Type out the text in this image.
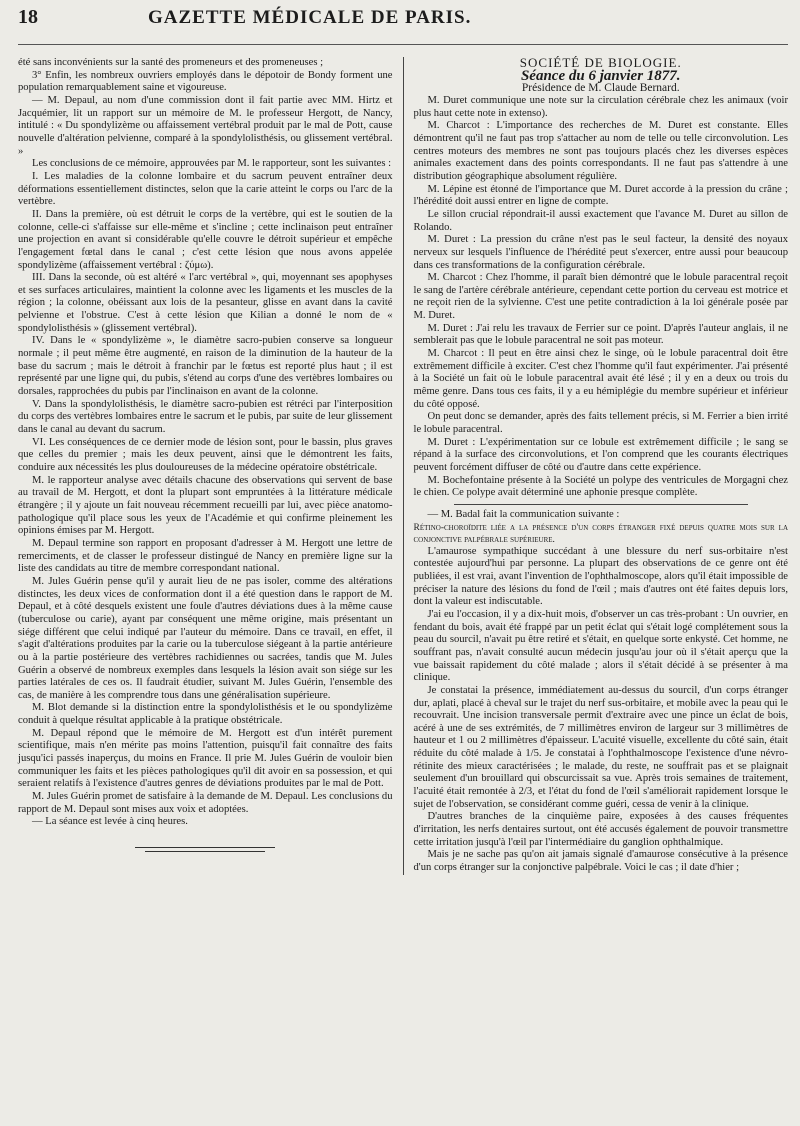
18	GAZETTE MÉDICALE DE PARIS.

été sans inconvénients sur la santé des promeneurs et des promeneuses ;

3° Enfin, les nombreux ouvriers employés dans le dépotoir de Bondy forment une population remarquablement saine et vigoureuse.

— M. Depaul, au nom d'une commission dont il fait partie avec MM. Hirtz et Jacquémier, lit un rapport sur un mémoire de M. le professeur Hergott, de Nancy, intitulé : « Du spondylizème ou affaissement vertébral produit par le mal de Pott, cause nouvelle d'altération pelvienne, comparé à la spondylolisthésis, ou glissement vertébral. »

Les conclusions de ce mémoire, approuvées par M. le rapporteur, sont les suivantes :

I. Les maladies de la colonne lombaire et du sacrum peuvent entraîner deux déformations essentiellement distinctes, selon que la carie atteint le corps ou l'arc de la vertèbre.

II. Dans la première, où est détruit le corps de la vertèbre, qui est le soutien de la colonne, celle-ci s'affaisse sur elle-même et s'incline ; cette inclinaison peut entraîner une projection en avant si considérable qu'elle couvre le détroit supérieur et empêche l'engagement fœtal dans le canal ; c'est cette lésion que nous avons appelée spondylizème (affaissement vertébral : ζύμω).

III. Dans la seconde, où est altéré « l'arc vertébral », qui, moyennant ses apophyses et ses surfaces articulaires, maintient la colonne avec les ligaments et les muscles de la région ; la colonne, obéissant aux lois de la pesanteur, glisse en avant dans la cavité pelvienne et l'obstrue. C'est à cette lésion que Kilian a donné le nom de « spondylolisthésis » (glissement vertébral).

IV. Dans le « spondylizème », le diamètre sacro-pubien conserve sa longueur normale ; il peut même être augmenté, en raison de la diminution de la hauteur de la base du sacrum ; mais le détroit à franchir par le fœtus est reporté plus haut ; il est représenté par une ligne qui, du pubis, s'étend au corps d'une des vertèbres lombaires ou dorsales, rapprochées du pubis par l'inclinaison en avant de la colonne.

V. Dans la spondylolisthésis, le diamètre sacro-pubien est rétréci par l'interposition du corps des vertèbres lombaires entre le sacrum et le pubis, par suite de leur glissement dans le canal au devant du sacrum.

VI. Les conséquences de ce dernier mode de lésion sont, pour le bassin, plus graves que celles du premier ; mais les deux peuvent, ainsi que le démontrent les faits, conduire aux nécessités les plus douloureuses de la médecine opératoire obstétricale.

M. le rapporteur analyse avec détails chacune des observations qui servent de base au travail de M. Hergott, et dont la plupart sont empruntées à la littérature médicale étrangère ; il y ajoute un fait nouveau récemment recueilli par lui, avec pièce anatomo-pathologique qu'il place sous les yeux de l'Académie et qui confirme pleinement les opinions émises par M. Hergott.

M. Depaul termine son rapport en proposant d'adresser à M. Hergott une lettre de remerciments, et de classer le professeur distingué de Nancy en première ligne sur la liste des candidats au titre de membre correspondant national.

M. Jules Guérin pense qu'il y aurait lieu de ne pas isoler, comme des altérations distinctes, les deux vices de conformation dont il a été question dans le rapport de M. Depaul, et à côté desquels existent une foule d'autres déviations dues à la même cause (tuberculose ou carie), ayant par conséquent une même origine, mais présentant un siége différent que celui indiqué par l'auteur du mémoire. Dans ce travail, en effet, il s'agit d'altérations produites par la carie ou la tuberculose siégeant à la partie antérieure ou à la partie postérieure des vertèbres rachidiennes ou sacrées, tandis que M. Jules Guérin a observé de nombreux exemples dans lesquels la lésion avait son siége sur les parties latérales de ces os. Il faudrait étudier, suivant M. Jules Guérin, l'ensemble des cas, de manière à les comprendre tous dans une généralisation supérieure.

M. Blot demande si la distinction entre la spondylolisthésis et le ou spondylizème conduit à quelque résultat applicable à la pratique obstétricale.

M. Depaul répond que le mémoire de M. Hergott est d'un intérêt purement scientifique, mais n'en mérite pas moins l'attention, puisqu'il fait connaître des faits jusqu'ici passés inaperçus, du moins en France. Il prie M. Jules Guérin de vouloir bien communiquer les faits et les pièces pathologiques qu'il dit avoir en sa possession, et qui seraient relatifs à l'existence d'autres genres de déviations produites par le mal de Pott.

M. Jules Guérin promet de satisfaire à la demande de M. Depaul. Les conclusions du rapport de M. Depaul sont mises aux voix et adoptées.

— La séance est levée à cinq heures.

SOCIÉTÉ DE BIOLOGIE.

Séance du 6 janvier 1877.

Présidence de M. Claude Bernard.

M. Duret communique une note sur la circulation cérébrale chez les animaux (voir plus haut cette note in extenso).

M. Charcot : L'importance des recherches de M. Duret est constante. Elles démontrent qu'il ne faut pas trop s'attacher au nom de telle ou telle circonvolution. Les centres moteurs des membres ne sont pas toujours placés chez les diverses espèces animales exactement dans des points correspondants. Il ne faut pas s'attendre à une distribution géographique absolument régulière.

M. Lépine est étonné de l'importance que M. Duret accorde à la pression du crâne ; l'hérédité doit aussi entrer en ligne de compte.

Le sillon crucial répondrait-il aussi exactement que l'avance M. Duret au sillon de Rolando.

M. Duret : La pression du crâne n'est pas le seul facteur, la densité des noyaux nerveux sur lesquels l'influence de l'hérédité peut s'exercer, entre aussi pour beaucoup dans ces transformations de la configuration cérébrale.

M. Charcot : Chez l'homme, il paraît bien démontré que le lobule paracentral reçoit le sang de l'artère cérébrale antérieure, cependant cette portion du cerveau est motrice et ne reçoit rien de la sylvienne. C'est une petite contradiction à la loi générale posée par M. Duret.

M. Duret : J'ai relu les travaux de Ferrier sur ce point. D'après l'auteur anglais, il ne semblerait pas que le lobule paracentral ne soit pas moteur.

M. Charcot : Il peut en être ainsi chez le singe, où le lobule paracentral doit être extrêmement difficile à exciter. C'est chez l'homme qu'il faut expérimenter. J'ai présenté à la Société un fait où le lobule paracentral avait été lésé ; il y en a deux ou trois du même genre. Dans tous ces faits, il y a eu hémiplégie du membre supérieur et inférieur du côté opposé.

On peut donc se demander, après des faits tellement précis, si M. Ferrier a bien irrité le lobule paracentral.

M. Duret : L'expérimentation sur ce lobule est extrêmement difficile ; le sang se répand à la surface des circonvolutions, et l'on comprend que les courants électriques peuvent forcément diffuser de côté ou d'autre dans cette expérience.

M. Bochefontaine présente à la Société un polype des ventricules de Morgagni chez le chien. Ce polype avait déterminé une aphonie presque complète.

— M. Badal fait la communication suivante :

Rétino-choroïdite liée a la présence d'un corps étranger fixé depuis quatre mois sur la conjonctive palpébrale supérieure.

L'amaurose sympathique succédant à une blessure du nerf sus-orbitaire n'est contestée aujourd'hui par personne. La plupart des observations de ce genre ont été publiées, il est vrai, avant l'invention de l'ophthalmoscope, alors qu'il était impossible de préciser la nature des lésions du fond de l'œil ; mais d'autres ont été faites depuis lors, dont la valeur est indiscutable.

J'ai eu l'occasion, il y a dix-huit mois, d'observer un cas très-probant : Un ouvrier, en fendant du bois, avait été frappé par un petit éclat qui s'était logé complétement sous la peau du sourcil, n'avait pu être retiré et s'était, en quelque sorte enkysté. Cet homme, ne souffrant pas, n'avait consulté aucun médecin jusqu'au jour où il s'était aperçu que la vue baissait rapidement du côté malade ; alors il s'était décidé à se présenter à ma clinique.

Je constatai la présence, immédiatement au-dessus du sourcil, d'un corps étranger dur, aplati, placé à cheval sur le trajet du nerf sus-orbitaire, et mobile avec la peau qui le recouvrait. Une incision transversale permit d'extraire avec une pince un éclat de bois, acéré à une de ses extrémités, de 7 millimètres environ de largeur sur 3 millimètres de hauteur et 1 ou 2 millimètres d'épaisseur. L'acuité visuelle, excellente du côté sain, était réduite du côté malade à 1/5. Je constatai à l'ophthalmoscope l'existence d'une névro-rétinite des mieux caractérisées ; le malade, du reste, ne souffrait pas et se plaignait seulement d'un brouillard qui obscurcissait sa vue. Après trois semaines de traitement, l'acuité était remontée à 2/3, et l'état du fond de l'œil s'améliorait rapidement lorsque le sujet de l'observation, se considérant comme guéri, cessa de venir à la clinique.

D'autres branches de la cinquième paire, exposées à des causes fréquentes d'irritation, les nerfs dentaires surtout, ont été accusés également de pouvoir transmettre cette irritation jusqu'à l'œil par l'intermédiaire du ganglion ophthalmique.

Mais je ne sache pas qu'on ait jamais signalé d'amaurose consécutive à la présence d'un corps étranger sur la conjonctive palpébrale. Voici le cas ; il date d'hier ;
